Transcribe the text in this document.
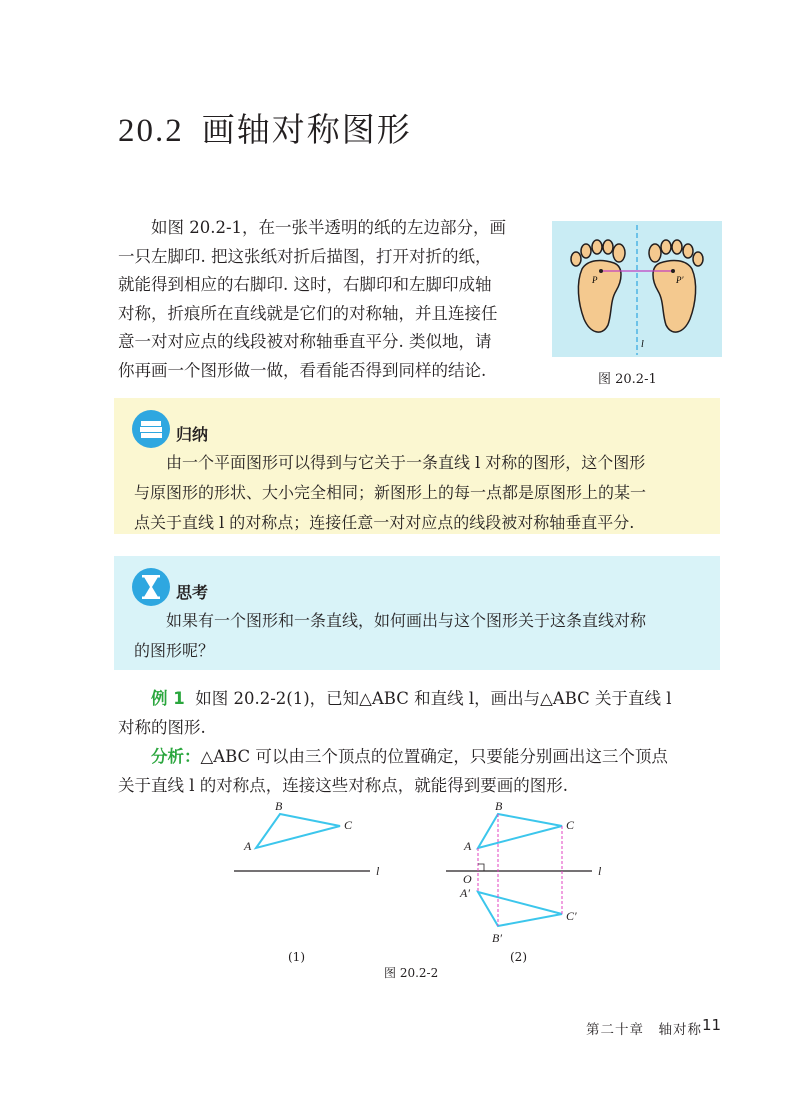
20.2 画轴对称图形
如图 20.2-1，在一张半透明的纸的左边部分，画
一只左脚印. 把这张纸对折后描图，打开对折的纸，
就能得到相应的右脚印. 这时，右脚印和左脚印成轴
对称，折痕所在直线就是它们的对称轴，并且连接任
意一对对应点的线段被对称轴垂直平分. 类似地，请
你再画一个图形做一做，看看能否得到同样的结论.
P	P′
l
图 20.2-1
归纳
由一个平面图形可以得到与它关于一条直线 l 对称的图形，这个图形
与原图形的形状、大小完全相同；新图形上的每一点都是原图形上的某一
点关于直线 l 的对称点；连接任意一对对应点的线段被对称轴垂直平分.
思考
如果有一个图形和一条直线，如何画出与这个图形关于这条直线对称
的图形呢？
例 1 如图 20.2-2(1)，已知△ABC 和直线 l，画出与△ABC 关于直线 l
对称的图形.
分析：△ABC 可以由三个顶点的位置确定，只要能分别画出这三个顶点
关于直线 l 的对称点，连接这些对称点，就能得到要画的图形.
B
C
A
l
B
C
A
O
A′
B′
C′
l
(1)	(2)
图 20.2-2
第二十章　轴对称 11
